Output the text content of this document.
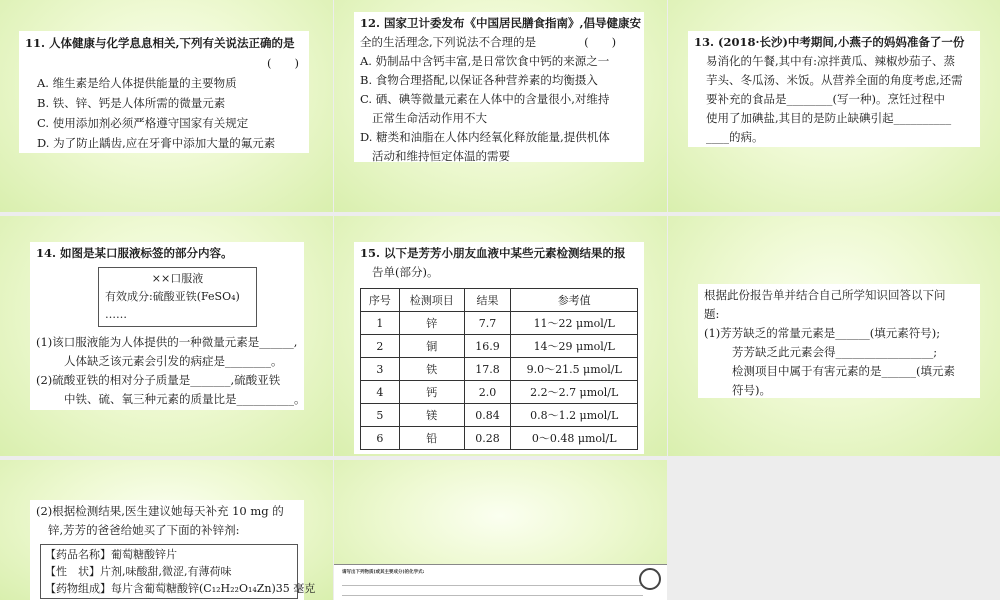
11. 人体健康与化学息息相关,下列有关说法正确的是
(　　)
A. 维生素是给人体提供能量的主要物质
B. 铁、锌、钙是人体所需的微量元素
C. 使用添加剂必须严格遵守国家有关规定
D. 为了防止龋齿,应在牙膏中添加大量的氟元素
12. 国家卫计委发布《中国居民膳食指南》,倡导健康安
全的生活理念,下列说法不合理的是	(　　)
A. 奶制品中含钙丰富,是日常饮食中钙的来源之一
B. 食物合理搭配,以保证各种营养素的均衡摄入
C. 硒、碘等微量元素在人体中的含量很小,对维持
正常生命活动作用不大
D. 糖类和油脂在人体内经氧化释放能量,提供机体
活动和维持恒定体温的需要
13. (2018·长沙)中考期间,小燕子的妈妈准备了一份
易消化的午餐,其中有:凉拌黄瓜、辣椒炒茄子、蒸
芋头、冬瓜汤、米饭。从营养全面的角度考虑,还需
要补充的食品是________(写一种)。烹饪过程中
使用了加碘盐,其目的是防止缺碘引起__________
____的病。
14. 如图是某口服液标签的部分内容。
××口服液
有效成分:硫酸亚铁(FeSO₄)
……
(1)该口服液能为人体提供的一种微量元素是______,
人体缺乏该元素会引发的病症是________。
(2)硫酸亚铁的相对分子质量是_______,硫酸亚铁
中铁、硫、氧三种元素的质量比是__________。
15. 以下是芳芳小朋友血液中某些元素检测结果的报
告单(部分)。
序号	检测项目	结果	参考值
1	锌	7.7	11～22 μmol/L
2	铜	16.9	14～29 μmol/L
3	铁	17.8	9.0～21.5 μmol/L
4	钙	2.0	2.2～2.7 μmol/L
5	镁	0.84	0.8～1.2 μmol/L
6	铅	0.28	0～0.48 μmol/L
根据此份报告单并结合自己所学知识回答以下问
题:
(1)芳芳缺乏的常量元素是______(填元素符号);
芳芳缺乏此元素会得_________________;
检测项目中属于有害元素的是______(填元素
符号)。
(2)根据检测结果,医生建议她每天补充 10 mg 的
锌,芳芳的爸爸给她买了下面的补锌剂:
【药品名称】葡萄糖酸锌片
【性　状】片剂,味酸甜,微涩,有薄荷味
【药物组成】每片含葡萄糖酸锌(C₁₂H₂₂O₁₄Zn)35 毫克
请写出下列物质(或其主要成分)的化学式:
